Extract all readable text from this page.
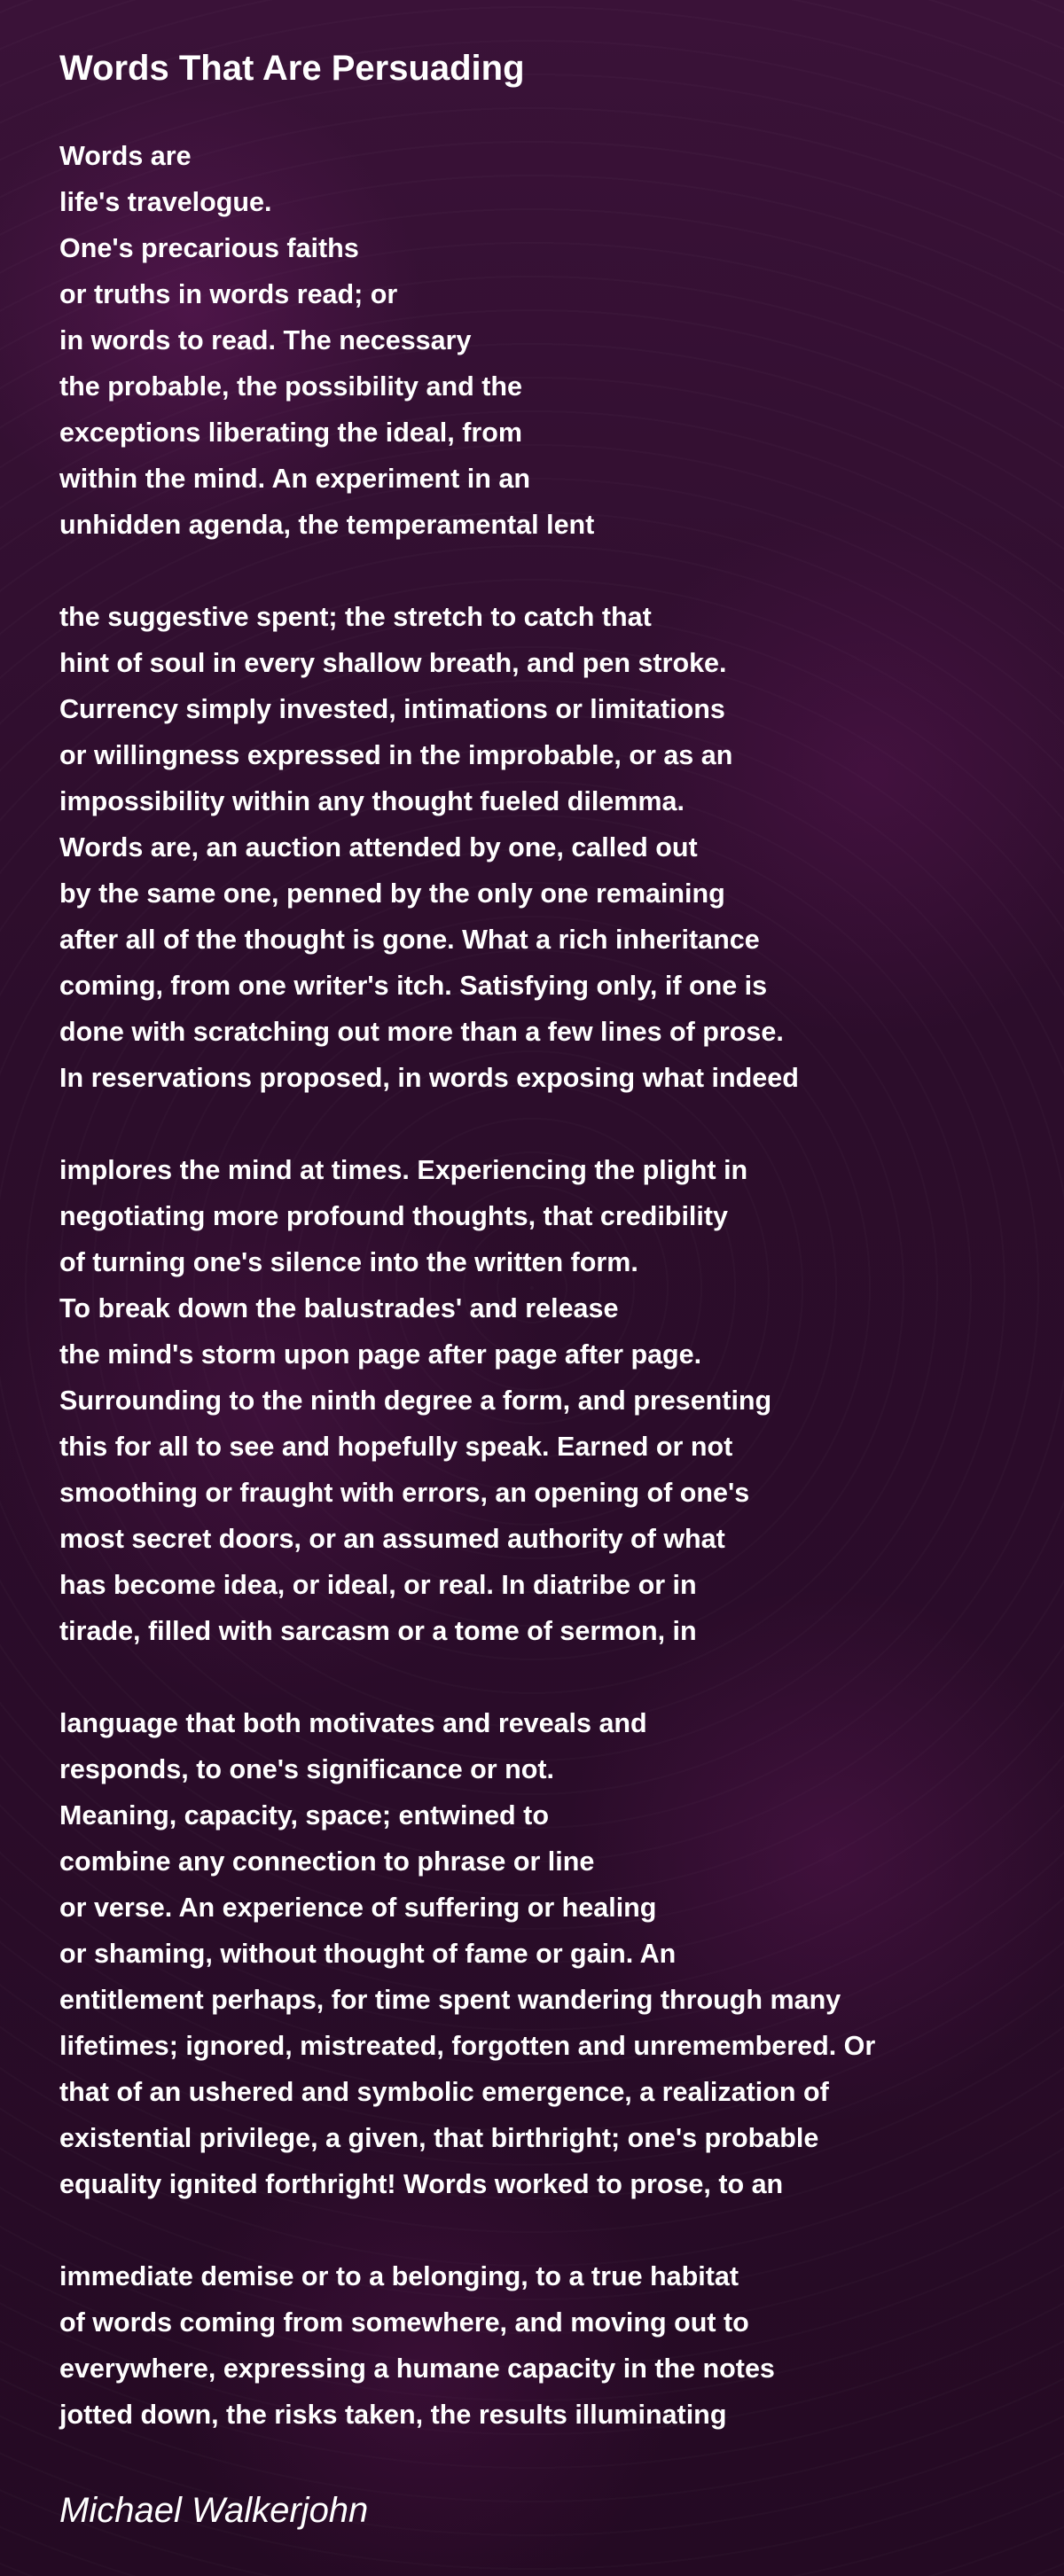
Words That Are Persuading
Words are
life's travelogue.
One's precarious faiths
or truths in words read; or
in words to read. The necessary
the probable, the possibility and the
exceptions liberating the ideal, from
within the mind. An experiment in an
unhidden agenda, the temperamental lent
the suggestive spent; the stretch to catch that
hint of soul in every shallow breath, and pen stroke.
Currency simply invested, intimations or limitations
or willingness expressed in the improbable, or as an
impossibility within any thought fueled dilemma.
Words are, an auction attended by one, called out
by the same one, penned by the only one remaining
after all of the thought is gone. What a rich inheritance
coming, from one writer's itch. Satisfying only, if one is
done with scratching out more than a few lines of prose.
In reservations proposed, in words exposing what indeed
implores the mind at times. Experiencing the plight in
negotiating more profound thoughts, that credibility
of turning one's silence into the written form.
To break down the balustrades' and release
the mind's storm upon page after page after page.
Surrounding to the ninth degree a form, and presenting
this for all to see and hopefully speak. Earned or not
smoothing or fraught with errors, an opening of one's
most secret doors, or an assumed authority of what
has become idea, or ideal, or real. In diatribe or in
tirade, filled with sarcasm or a tome of sermon, in
language that both motivates and reveals and
responds, to one's significance or not.
Meaning, capacity, space; entwined to
combine any connection to phrase or line
or verse. An experience of suffering or healing
or shaming, without thought of fame or gain. An
entitlement perhaps, for time spent wandering through many
lifetimes; ignored, mistreated, forgotten and unremembered. Or
that of an ushered and symbolic emergence, a realization of
existential privilege, a given, that birthright; one's probable
equality ignited forthright! Words worked to prose, to an
immediate demise or to a belonging, to a true habitat
of words coming from somewhere, and moving out to
everywhere, expressing a humane capacity in the notes
jotted down, the risks taken, the results illuminating

Michael Walkerjohn
